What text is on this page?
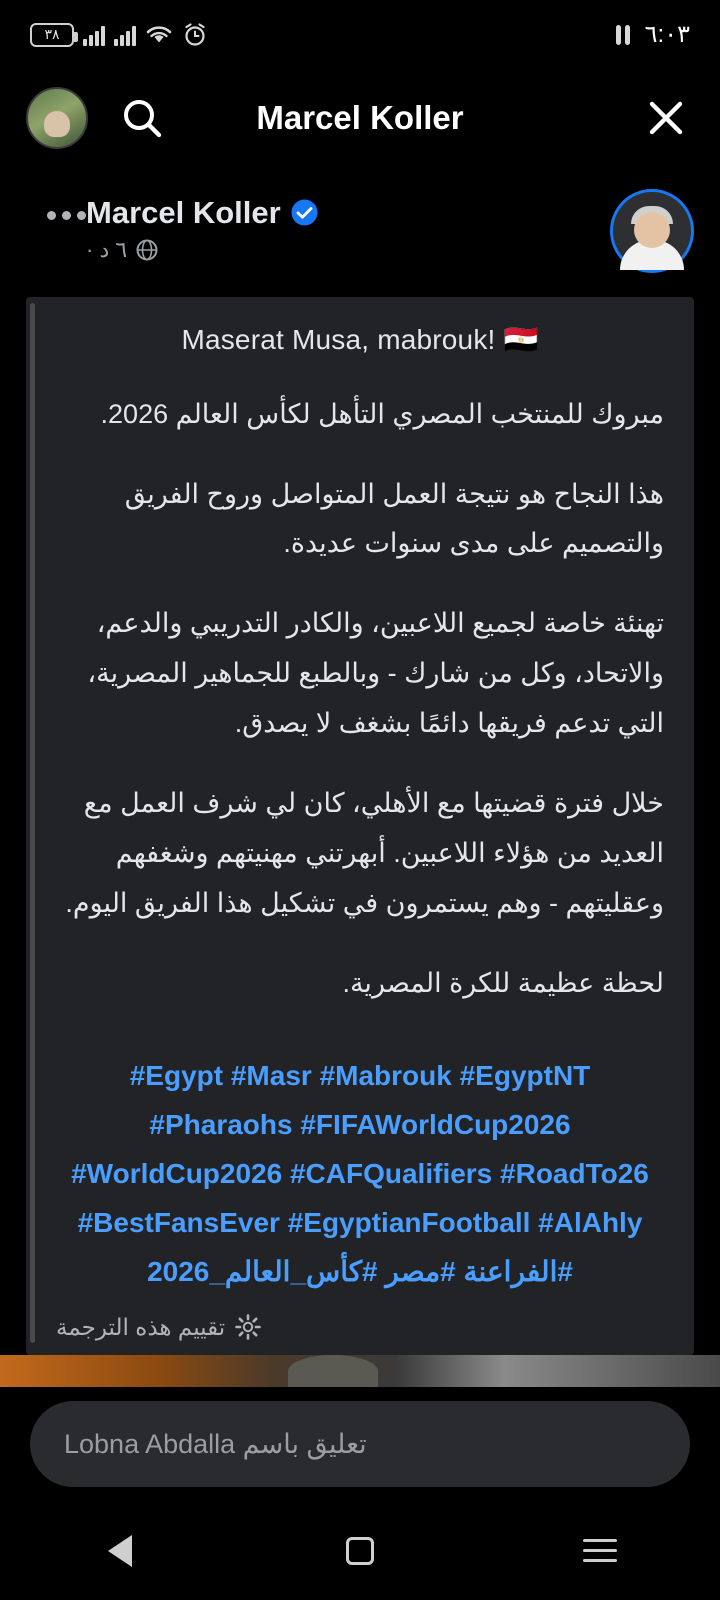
٣٨	٦:٠٣
Marcel Koller
Marcel Koller
٦ د ·
Maserat Musa, mabrouk! 🇪🇬
مبروك للمنتخب المصري التأهل لكأس العالم 2026.
هذا النجاح هو نتيجة العمل المتواصل وروح الفريق والتصميم على مدى سنوات عديدة.
تهنئة خاصة لجميع اللاعبين، والكادر التدريبي والدعم، والاتحاد، وكل من شارك - وبالطبع للجماهير المصرية، التي تدعم فريقها دائمًا بشغف لا يصدق.
خلال فترة قضيتها مع الأهلي، كان لي شرف العمل مع العديد من هؤلاء اللاعبين. أبهرتني مهنيتهم وشغفهم وعقليتهم - وهم يستمرون في تشكيل هذا الفريق اليوم.
لحظة عظيمة للكرة المصرية.
#Egypt #Masr #Mabrouk #EgyptNT
#Pharaohs #FIFAWorldCup2026
#WorldCup2026 #CAFQualifiers #RoadTo26
#BestFansEver #EgyptianFootball #AlAhly
#الفراعنة #مصر #كأس_العالم_2026
تقييم هذه الترجمة
تعليق باسم Lobna Abdalla
